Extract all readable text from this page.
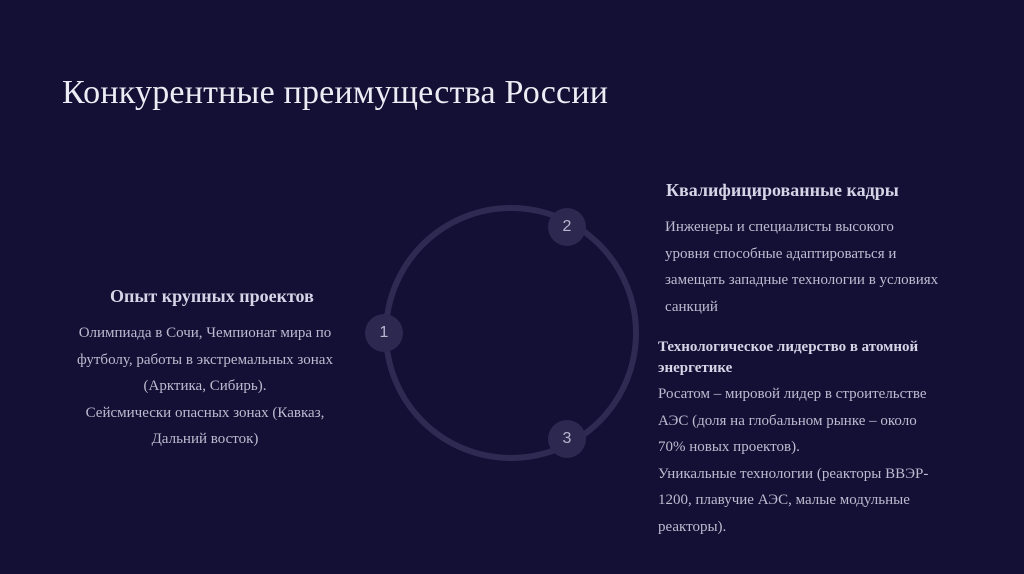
Конкурентные преимущества России
1
2
3
Опыт крупных проектов
Олимпиада в Сочи, Чемпионат мира по
футболу, работы в экстремальных зонах
(Арктика, Сибирь).
Сейсмически опасных зонах (Кавказ,
Дальний восток)
Квалифицированные кадры
Инженеры и специалисты высокого
уровня способные адаптироваться и
замещать западные технологии в условиях
санкций
Технологическое лидерство в атомной
энергетике
Росатом – мировой лидер в строительстве
АЭС (доля на глобальном рынке – около
70% новых проектов).
Уникальные технологии (реакторы ВВЭР-
1200, плавучие АЭС, малые модульные
реакторы).
